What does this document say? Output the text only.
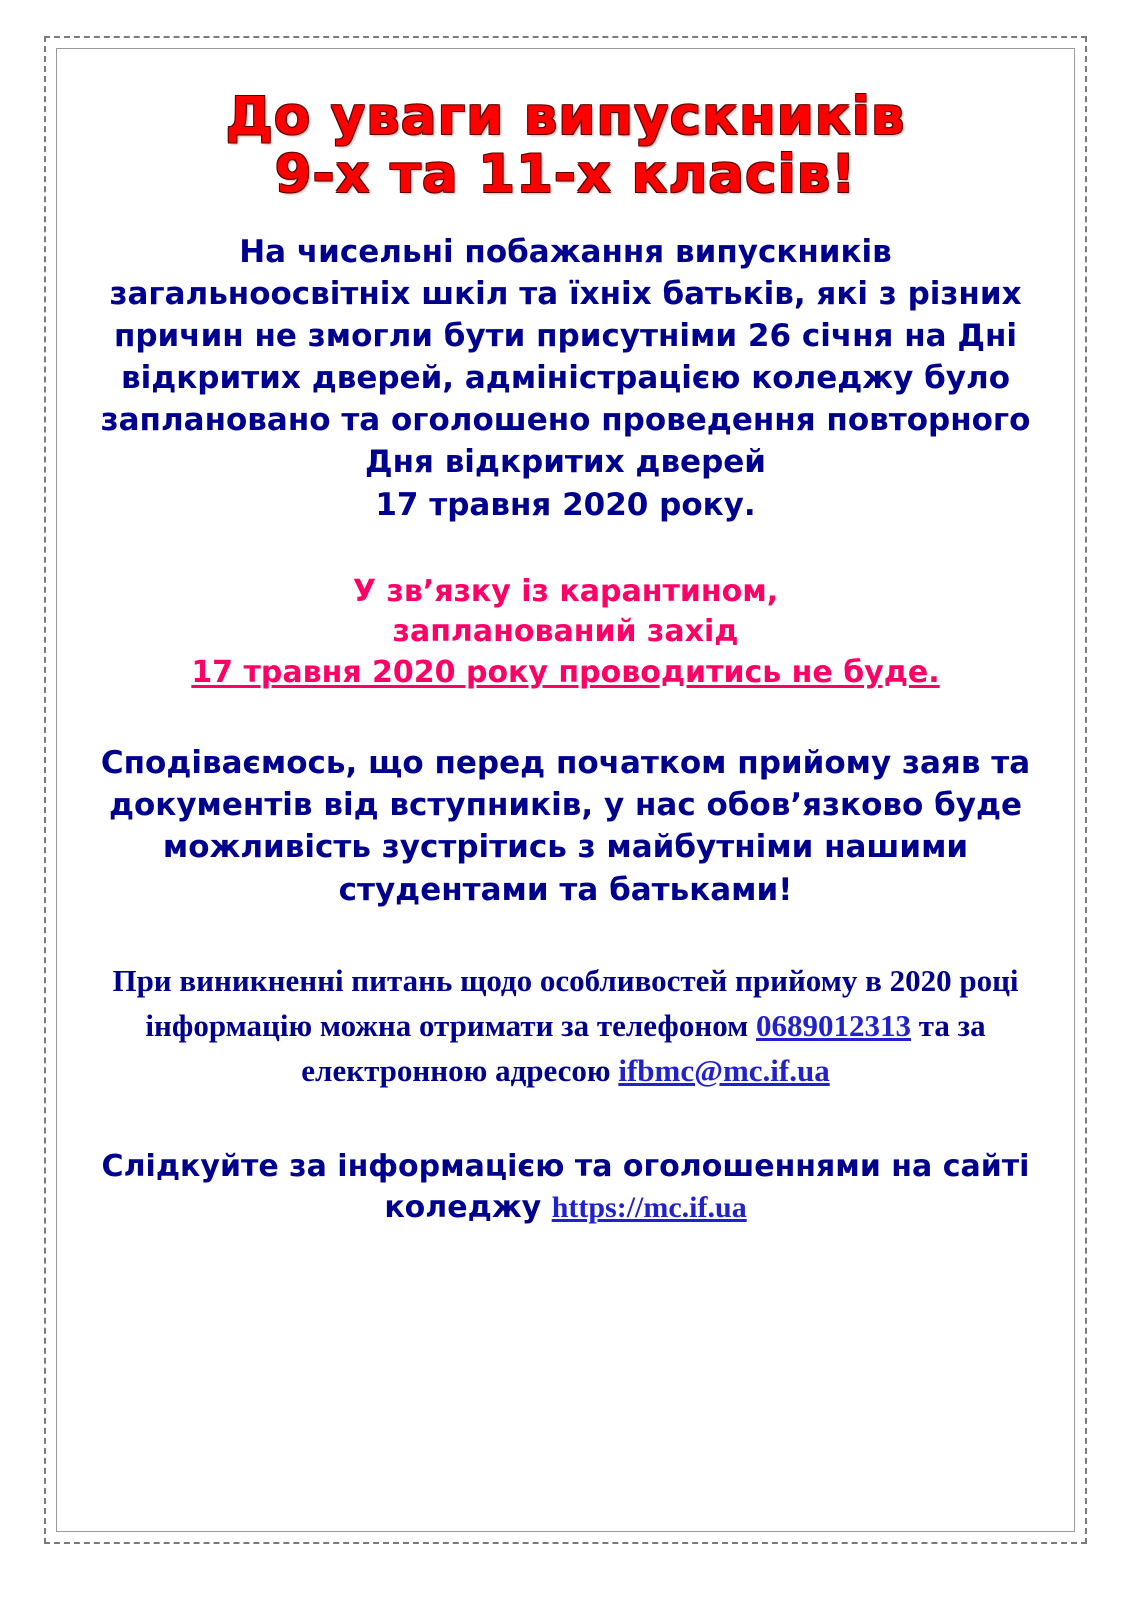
До уваги випускників
9-х та 11-х класів!

На чисельні побажання випускників загальноосвітніх шкіл та їхніх батьків, які з різних причин не змогли бути присутніми 26 січня на Дні відкритих дверей, адміністрацією коледжу було заплановано та оголошено проведення повторного Дня відкритих дверей
17 травня 2020 року.

У зв’язку із карантином,
запланований захід
17 травня 2020 року проводитись не буде.

Сподіваємось, що перед початком прийому заяв та документів від вступників, у нас обов’язково буде можливість зустрітись з майбутніми нашими студентами та батьками!

При виникненні питань щодо особливостей прийому в 2020 році інформацію можна отримати за телефоном 0689012313 та за електронною адресою ifbmc@mc.if.ua

Слідкуйте за інформацією та оголошеннями на сайті коледжу https://mc.if.ua
